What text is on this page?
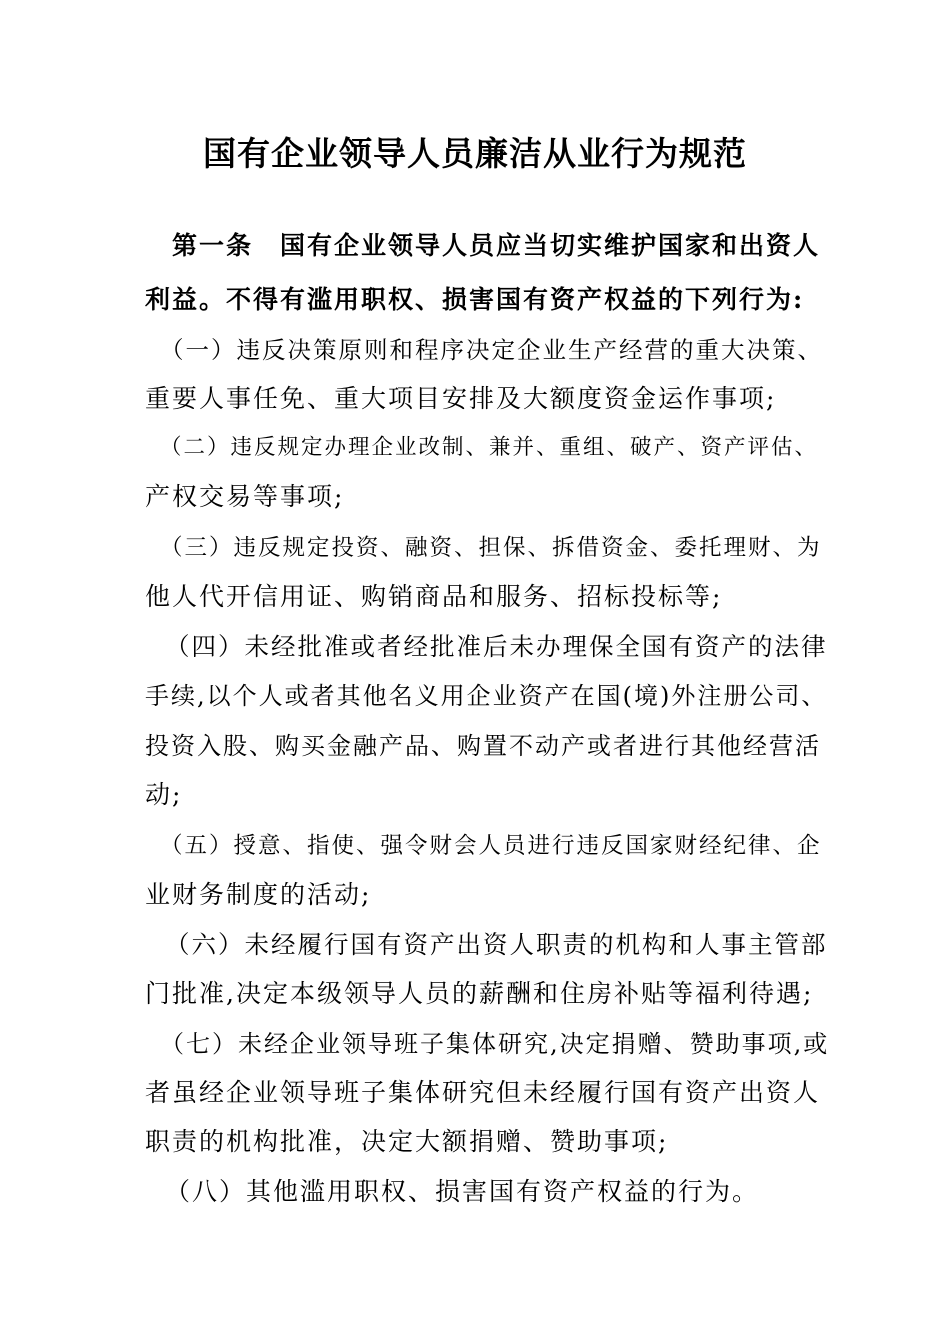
国有企业领导人员廉洁从业行为规范
　第一条　国有企业领导人员应当切实维护国家和出资人
利益。不得有滥用职权、损害国有资产权益的下列行为:
（一）违反决策原则和程序决定企业生产经营的重大决策、
重要人事任免、重大项目安排及大额度资金运作事项;
（二）违反规定办理企业改制、兼并、重组、破产、资产评估、
产权交易等事项;
（三）违反规定投资、融资、担保、拆借资金、委托理财、为
他人代开信用证、购销商品和服务、招标投标等;
（四）未经批准或者经批准后未办理保全国有资产的法律
手续,以个人或者其他名义用企业资产在国(境)外注册公司、
投资入股、购买金融产品、购置不动产或者进行其他经营活
动;
（五）授意、指使、强令财会人员进行违反国家财经纪律、企
业财务制度的活动;
（六）未经履行国有资产出资人职责的机构和人事主管部
门批准,决定本级领导人员的薪酬和住房补贴等福利待遇;
（七）未经企业领导班子集体研究,决定捐赠、赞助事项,或
者虽经企业领导班子集体研究但未经履行国有资产出资人
职责的机构批准，决定大额捐赠、赞助事项;
（八）其他滥用职权、损害国有资产权益的行为。
